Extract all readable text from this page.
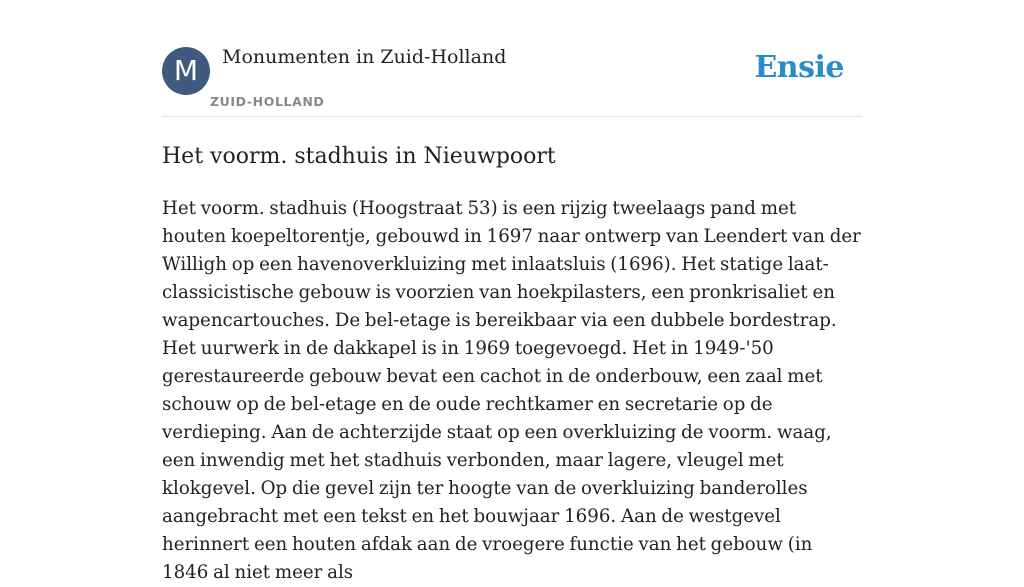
M	Monumenten in Zuid-Holland
ZUID-HOLLAND
Ensie
Het voorm. stadhuis in Nieuwpoort

Het voorm. stadhuis (Hoogstraat 53) is een rijzig tweelaags pand met houten koepeltorentje, gebouwd in 1697 naar ontwerp van Leendert van der Willigh op een havenoverkluizing met inlaatsluis (1696). Het statige laat-classicistische gebouw is voorzien van hoekpilasters, een pronkrisaliet en wapencartouches. De bel-etage is bereikbaar via een dubbele bordestrap. Het uurwerk in de dakkapel is in 1969 toegevoegd. Het in 1949-'50 gerestaureerde gebouw bevat een cachot in de onderbouw, een zaal met schouw op de bel-etage en de oude rechtkamer en secretarie op de verdieping. Aan de achterzijde staat op een overkluizing de voorm. waag, een inwendig met het stadhuis verbonden, maar lagere, vleugel met klokgevel. Op die gevel zijn ter hoogte van de overkluizing banderolles aangebracht met een tekst en het bouwjaar 1696. Aan de westgevel herinnert een houten afdak aan de vroegere functie van het gebouw (in 1846 al niet meer als
